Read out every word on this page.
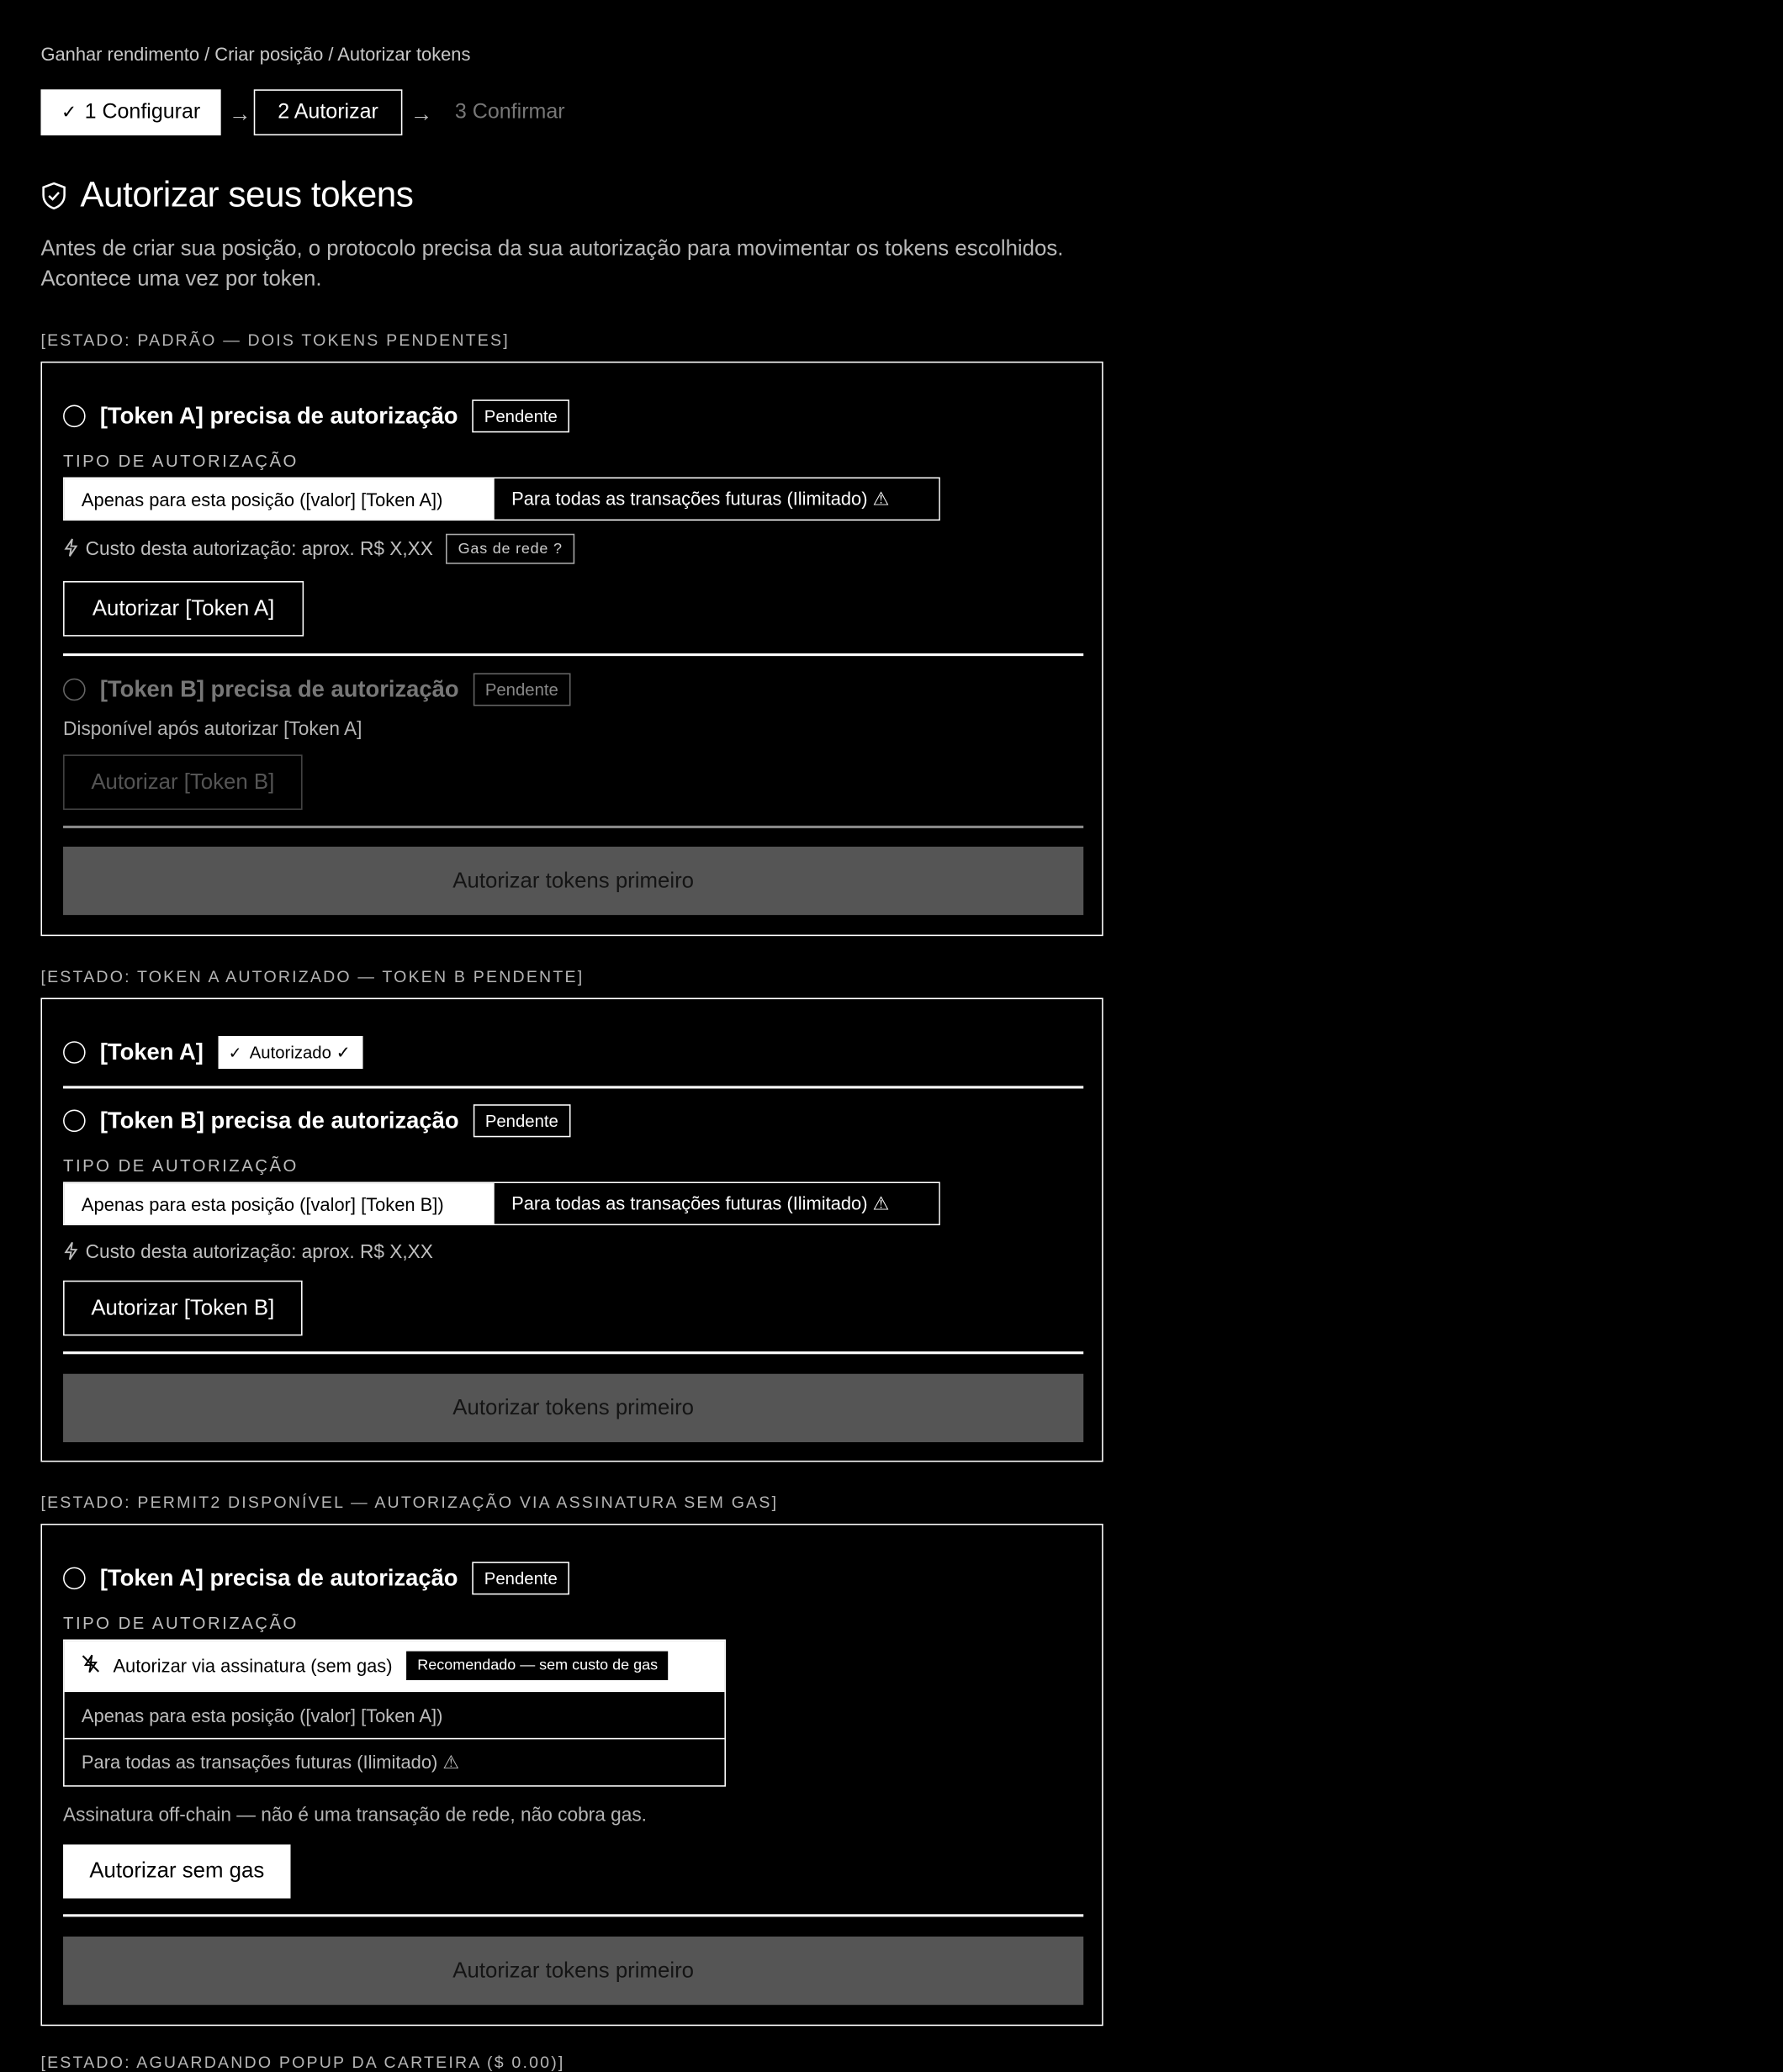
Ganhar rendimento / Criar posição / Autorizar tokens
✓ 1 Configurar → 2 Autorizar → 3 Confirmar
Autorizar seus tokens
Antes de criar sua posição, o protocolo precisa da sua autorização para movimentar os tokens escolhidos. Acontece uma vez por token.
[ESTADO: PADRÃO — DOIS TOKENS PENDENTES]
[Token A] precisa de autorização	Pendente
TIPO DE AUTORIZAÇÃO
Apenas para esta posição ([valor] [Token A])	Para todas as transações futuras (Ilimitado) ⚠
Custo desta autorização: aprox. R$ X,XX	Gas de rede ?
Autorizar [Token A]
[Token B] precisa de autorização	Pendente
Disponível após autorizar [Token A]
Autorizar [Token B]
Autorizar tokens primeiro
[ESTADO: TOKEN A AUTORIZADO — TOKEN B PENDENTE]
[Token A] ✓ Autorizado ✓
[Token B] precisa de autorização	Pendente
TIPO DE AUTORIZAÇÃO
Apenas para esta posição ([valor] [Token B])	Para todas as transações futuras (Ilimitado) ⚠
Custo desta autorização: aprox. R$ X,XX
Autorizar [Token B]
Autorizar tokens primeiro
[ESTADO: PERMIT2 DISPONÍVEL — AUTORIZAÇÃO VIA ASSINATURA SEM GAS]
[Token A] precisa de autorização	Pendente
TIPO DE AUTORIZAÇÃO
Autorizar via assinatura (sem gas)	Recomendado — sem custo de gas
Apenas para esta posição ([valor] [Token A])
Para todas as transações futuras (Ilimitado) ⚠
Assinatura off-chain — não é uma transação de rede, não cobra gas.
Autorizar sem gas
Autorizar tokens primeiro
[ESTADO: AGUARDANDO POPUP DA CARTEIRA ($ 0.00)]
